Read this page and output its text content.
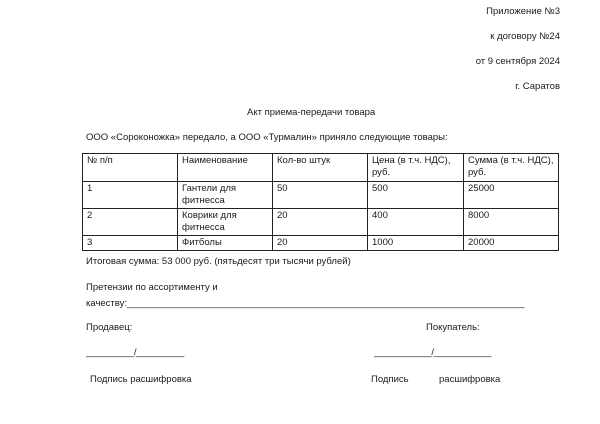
Приложение №3
к договору №24
от 9 сентября 2024
г. Саратов
Акт приема-передачи товара
ООО «Сороконожка» передало, а ООО «Турмалин» приняло следующие товары:
№ п/п	Наименование	Кол-во штук	Цена (в т.ч. НДС), руб.	Сумма (в т.ч. НДС), руб.
1	Гантели для фитнесса	50	500	25000
2	Коврики для фитнесса	20	400	8000
3	Фитболы	20	1000	20000
Итоговая сумма: 53 000 руб. (пятьдесят три тысячи рублей)
Претензии по ассортименту и
качеству:___________________________________________________________________________________
Продавец:	Покупатель:
__________/__________	____________/____________
Подпись расшифровка	Подпись	расшифровка
